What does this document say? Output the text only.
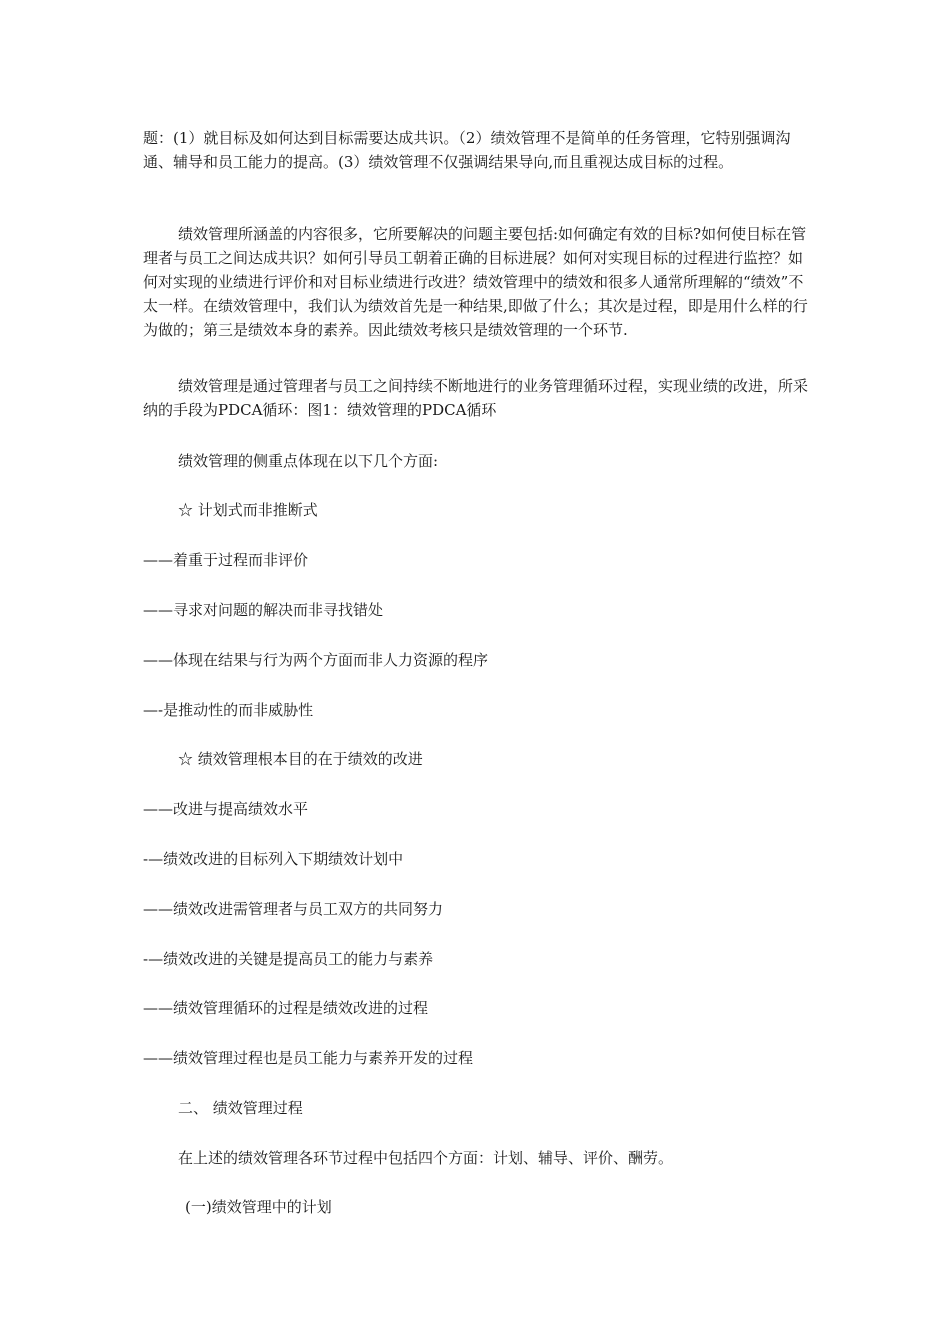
题：(1）就目标及如何达到目标需要达成共识。（2）绩效管理不是简单的任务管理，它特别强调沟通、辅导和员工能力的提高。(3）绩效管理不仅强调结果导向,而且重视达成目标的过程。

绩效管理所涵盖的内容很多，它所要解决的问题主要包括:如何确定有效的目标?如何使目标在管理者与员工之间达成共识？如何引导员工朝着正确的目标进展？如何对实现目标的过程进行监控？如何对实现的业绩进行评价和对目标业绩进行改进？绩效管理中的绩效和很多人通常所理解的“绩效”不太一样。在绩效管理中，我们认为绩效首先是一种结果,即做了什么；其次是过程，即是用什么样的行为做的；第三是绩效本身的素养。因此绩效考核只是绩效管理的一个环节.

绩效管理是通过管理者与员工之间持续不断地进行的业务管理循环过程，实现业绩的改进，所采纳的手段为PDCA循环：图1：绩效管理的PDCA循环

绩效管理的侧重点体现在以下几个方面:

☆ 计划式而非推断式

——着重于过程而非评价

——寻求对问题的解决而非寻找错处

——体现在结果与行为两个方面而非人力资源的程序

—-是推动性的而非威胁性

☆ 绩效管理根本目的在于绩效的改进

——改进与提高绩效水平

-—绩效改进的目标列入下期绩效计划中

——绩效改进需管理者与员工双方的共同努力

-—绩效改进的关键是提高员工的能力与素养

——绩效管理循环的过程是绩效改进的过程

——绩效管理过程也是员工能力与素养开发的过程

二、 绩效管理过程

在上述的绩效管理各环节过程中包括四个方面：计划、辅导、评价、酬劳。

(一)绩效管理中的计划
